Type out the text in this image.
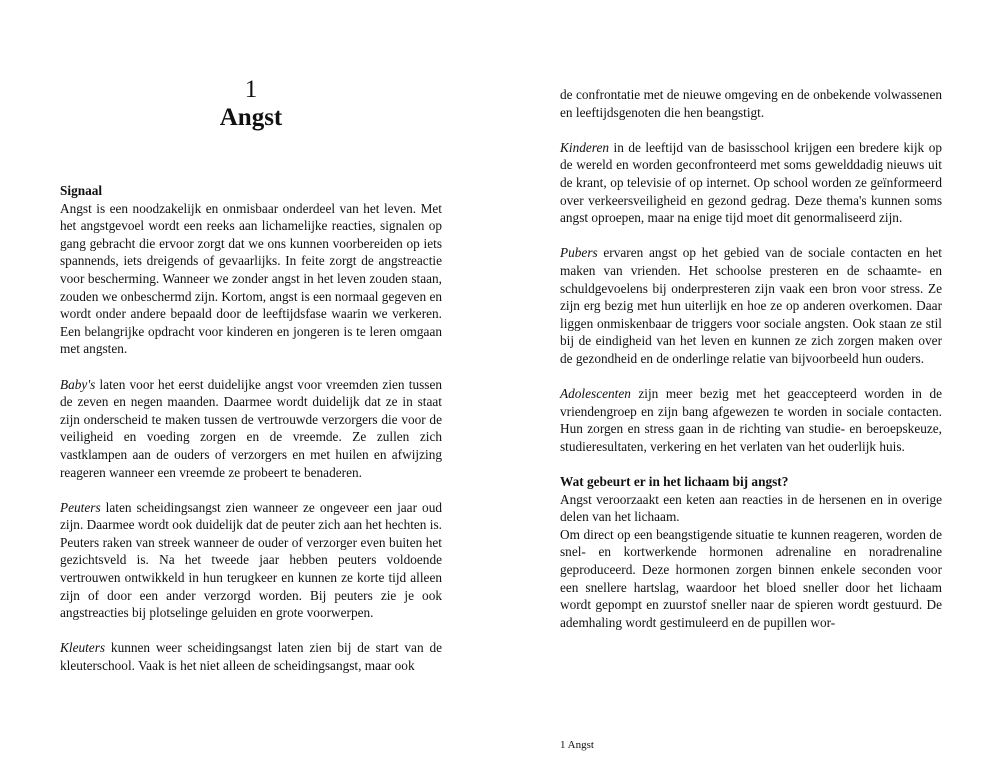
1
Angst
Signaal

Angst is een noodzakelijk en onmisbaar onderdeel van het leven. Met het angstgevoel wordt een reeks aan lichamelijke reacties, signalen op gang gebracht die ervoor zorgt dat we ons kunnen voorbereiden op iets spannends, iets dreigends of gevaarlijks. In feite zorgt de angstreactie voor bescherming. Wanneer we zonder angst in het leven zouden staan, zouden we onbeschermd zijn. Kortom, angst is een normaal gegeven en wordt onder andere bepaald door de leeftijdsfase waarin we verkeren. Een belangrijke opdracht voor kinderen en jongeren is te leren omgaan met angsten.

Baby's laten voor het eerst duidelijke angst voor vreemden zien tussen de zeven en negen maanden. Daarmee wordt duidelijk dat ze in staat zijn onderscheid te maken tussen de vertrouwde verzorgers die voor de veiligheid en voeding zorgen en de vreemde. Ze zullen zich vastklampen aan de ouders of verzorgers en met huilen en afwijzing reageren wanneer een vreemde ze probeert te benaderen.

Peuters laten scheidingsangst zien wanneer ze ongeveer een jaar oud zijn. Daarmee wordt ook duidelijk dat de peuter zich aan het hechten is. Peuters raken van streek wanneer de ouder of verzorger even buiten het gezichtsveld is. Na het tweede jaar hebben peuters voldoende vertrouwen ontwikkeld in hun terugkeer en kunnen ze korte tijd alleen zijn of door een ander verzorgd worden. Bij peuters zie je ook angstreacties bij plotselinge geluiden en grote voorwerpen.

Kleuters kunnen weer scheidingsangst laten zien bij de start van de kleuterschool. Vaak is het niet alleen de scheidingsangst, maar ook

de confrontatie met de nieuwe omgeving en de onbekende volwassenen en leeftijdsgenoten die hen beangstigt.

Kinderen in de leeftijd van de basisschool krijgen een bredere kijk op de wereld en worden geconfronteerd met soms gewelddadig nieuws uit de krant, op televisie of op internet. Op school worden ze geïnformeerd over verkeersveiligheid en gezond gedrag. Deze thema's kunnen soms angst oproepen, maar na enige tijd moet dit genormaliseerd zijn.

Pubers ervaren angst op het gebied van de sociale contacten en het maken van vrienden. Het schoolse presteren en de schaamte- en schuldgevoelens bij onderpresteren zijn vaak een bron voor stress. Ze zijn erg bezig met hun uiterlijk en hoe ze op anderen overkomen. Daar liggen onmiskenbaar de triggers voor sociale angsten. Ook staan ze stil bij de eindigheid van het leven en kunnen ze zich zorgen maken over de gezondheid en de onderlinge relatie van bijvoorbeeld hun ouders.

Adolescenten zijn meer bezig met het geaccepteerd worden in de vriendengroep en zijn bang afgewezen te worden in sociale contacten. Hun zorgen en stress gaan in de richting van studie- en beroepskeuze, studieresultaten, verkering en het verlaten van het ouderlijk huis.

Wat gebeurt er in het lichaam bij angst?

Angst veroorzaakt een keten aan reacties in de hersenen en in overige delen van het lichaam.

Om direct op een beangstigende situatie te kunnen reageren, worden de snel- en kortwerkende hormonen adrenaline en noradrenaline geproduceerd. Deze hormonen zorgen binnen enkele seconden voor een snellere hartslag, waardoor het bloed sneller door het lichaam wordt gepompt en zuurstof sneller naar de spieren wordt gestuurd. De ademhaling wordt gestimuleerd en de pupillen wor-

1 Angst
